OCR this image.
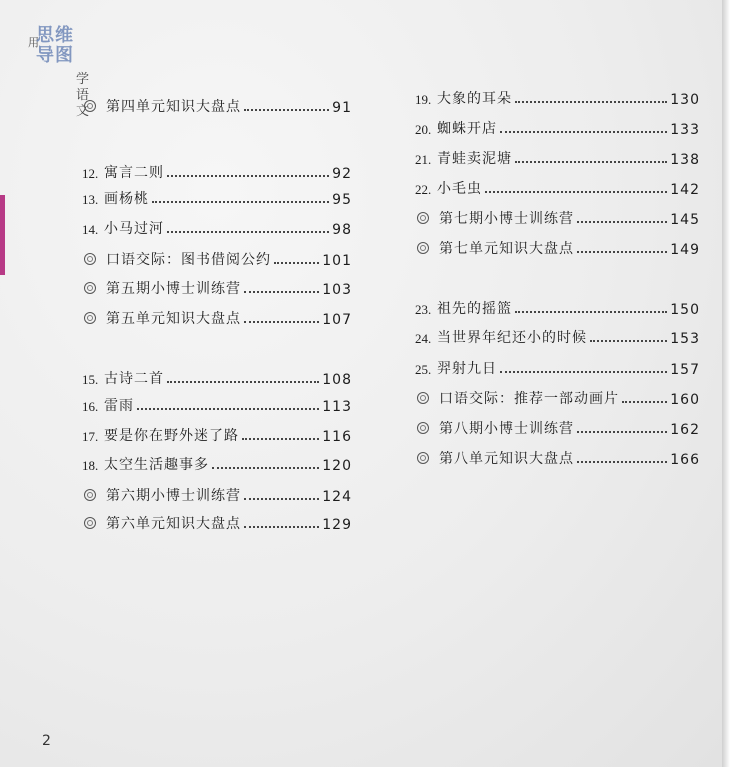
用
思维导图
学语文 第四单元知识大盘点	91
12. 寓言二则	92
13. 画杨桃	95
14. 小马过河	98
口语交际：图书借阅公约	101
第五期小博士训练营	103
第五单元知识大盘点	107
15. 古诗二首	108
16. 雷雨	113
17. 要是你在野外迷了路	116
18. 太空生活趣事多	120
第六期小博士训练营	124
第六单元知识大盘点	129
19. 大象的耳朵	130
20. 蜘蛛开店	133
21. 青蛙卖泥塘	138
22. 小毛虫	142
第七期小博士训练营	145
第七单元知识大盘点	149
23. 祖先的摇篮	150
24. 当世界年纪还小的时候	153
25. 羿射九日	157
口语交际：推荐一部动画片	160
第八期小博士训练营	162
第八单元知识大盘点	166
2
